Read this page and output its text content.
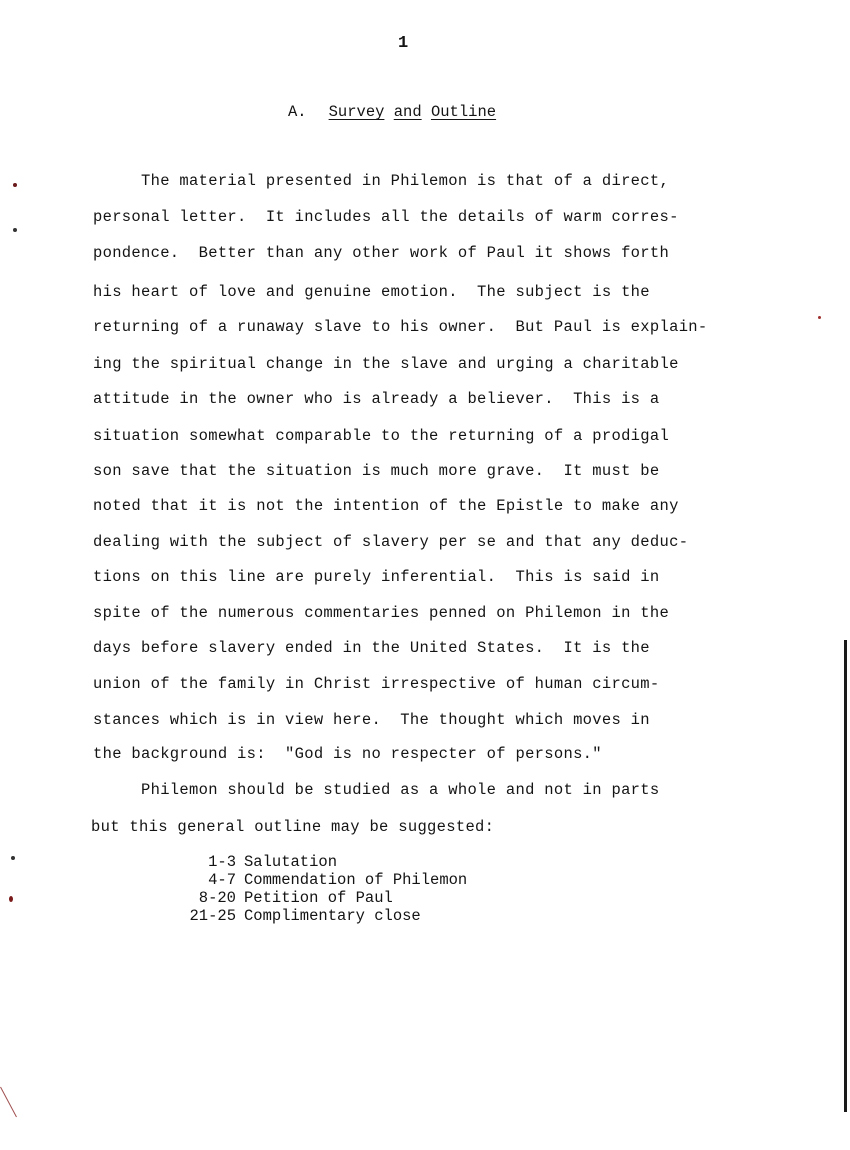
1
A. Survey and Outline
The material presented in Philemon is that of a direct,
personal letter.  It includes all the details of warm corres-
pondence.  Better than any other work of Paul it shows forth
his heart of love and genuine emotion.  The subject is the
returning of a runaway slave to his owner.  But Paul is explain-
ing the spiritual change in the slave and urging a charitable
attitude in the owner who is already a believer.  This is a
situation somewhat comparable to the returning of a prodigal
son save that the situation is much more grave.  It must be
noted that it is not the intention of the Epistle to make any
dealing with the subject of slavery per se and that any deduc-
tions on this line are purely inferential.  This is said in
spite of the numerous commentaries penned on Philemon in the
days before slavery ended in the United States.  It is the
union of the family in Christ irrespective of human circum-
stances which is in view here.  The thought which moves in
the background is:  "God is no respecter of persons."
Philemon should be studied as a whole and not in parts
but this general outline may be suggested:
1-3	Salutation
4-7	Commendation of Philemon
8-20	Petition of Paul
21-25	Complimentary close
